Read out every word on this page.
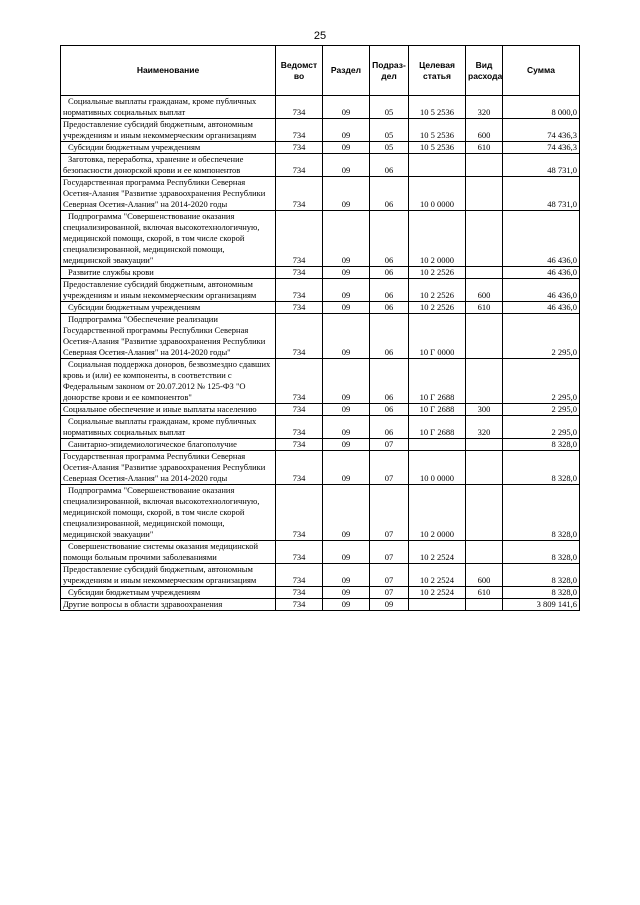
25
Наименование	Ведомст во	Раздел	Подраз- дел	Целевая статья	Вид расхода	Сумма
Социальные выплаты гражданам, кроме публичных нормативных социальных выплат	734	09	05	10 5 2536	320	8 000,0
Предоставление субсидий бюджетным, автономным учреждениям и иным некоммерческим организациям	734	09	05	10 5 2536	600	74 436,3
Субсидии бюджетным учреждениям	734	09	05	10 5 2536	610	74 436,3
Заготовка, переработка, хранение и обеспечение безопасности донорской крови и ее компонентов	734	09	06			48 731,0
Государственная программа Республики Северная Осетия-Алания "Развитие здравоохранения Республики Северная Осетия-Алания" на 2014-2020 годы	734	09	06	10 0 0000		48 731,0
Подпрограмма "Совершенствование оказания специализированной, включая высокотехнологичную, медицинской помощи, скорой, в том числе скорой специализированной, медицинской помощи, медицинской эвакуации"	734	09	06	10 2 0000		46 436,0
Развитие службы крови	734	09	06	10 2 2526		46 436,0
Предоставление субсидий бюджетным, автономным учреждениям и иным некоммерческим организациям	734	09	06	10 2 2526	600	46 436,0
Субсидии бюджетным учреждениям	734	09	06	10 2 2526	610	46 436,0
Подпрограмма "Обеспечение реализации Государственной программы Республики Северная Осетия-Алания "Развитие здравоохранения Республики Северная Осетия-Алания" на 2014-2020 годы"	734	09	06	10 Г 0000		2 295,0
Социальная поддержка доноров, безвозмездно сдавших кровь и (или) ее компоненты, в соответствии с Федеральным законом от 20.07.2012 № 125-ФЗ "О донорстве крови и ее компонентов"	734	09	06	10 Г 2688		2 295,0
Социальное обеспечение и иные выплаты населению	734	09	06	10 Г 2688	300	2 295,0
Социальные выплаты гражданам, кроме публичных нормативных социальных выплат	734	09	06	10 Г 2688	320	2 295,0
Санитарно-эпидемиологическое благополучие	734	09	07			8 328,0
Государственная программа Республики Северная Осетия-Алания "Развитие здравоохранения Республики Северная Осетия-Алания" на 2014-2020 годы	734	09	07	10 0 0000		8 328,0
Подпрограмма "Совершенствование оказания специализированной, включая высокотехнологичную, медицинской помощи, скорой, в том числе скорой специализированной, медицинской помощи, медицинской эвакуации"	734	09	07	10 2 0000		8 328,0
Совершенствование системы оказания медицинской помощи больным прочими заболеваниями	734	09	07	10 2 2524		8 328,0
Предоставление субсидий бюджетным, автономным учреждениям и иным некоммерческим организациям	734	09	07	10 2 2524	600	8 328,0
Субсидии бюджетным учреждениям	734	09	07	10 2 2524	610	8 328,0
Другие вопросы в области здравоохранения	734	09	09			3 809 141,6
